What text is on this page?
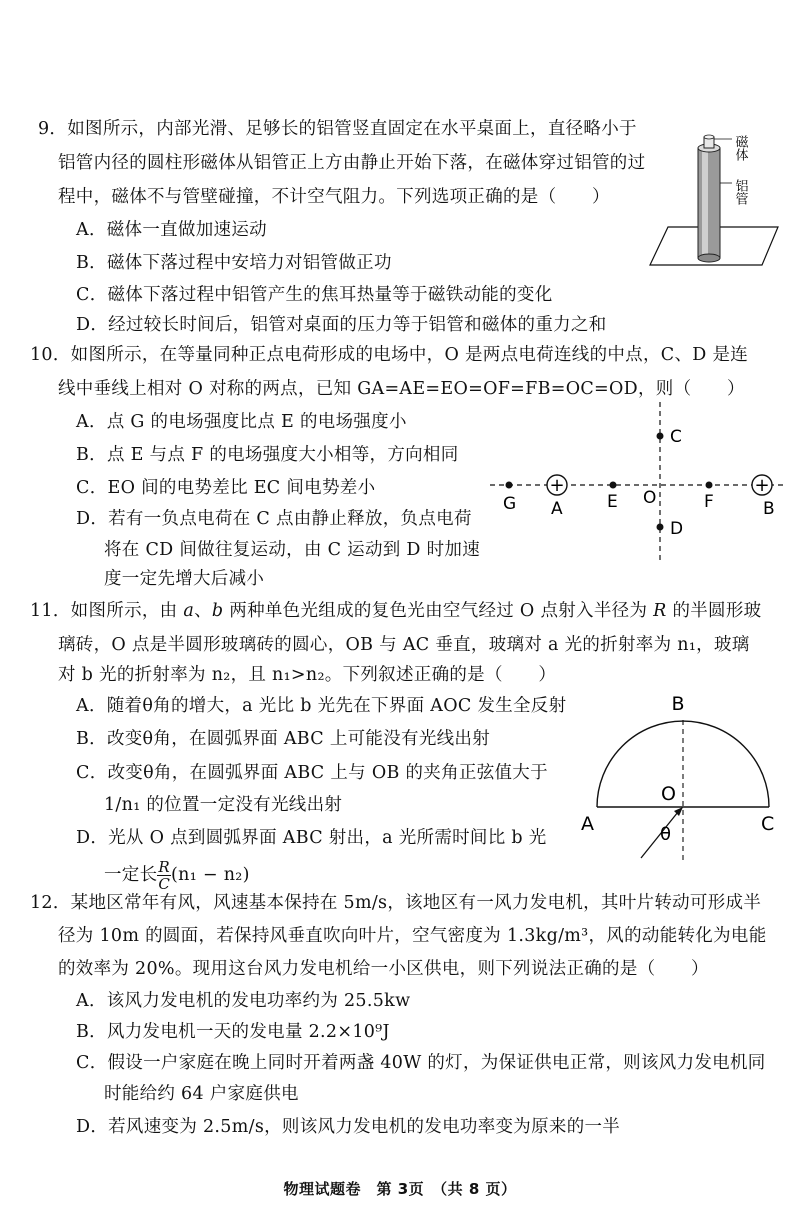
9．如图所示，内部光滑、足够长的铝管竖直固定在水平桌面上，直径略小于
铝管内径的圆柱形磁体从铝管正上方由静止开始下落，在磁体穿过铝管的过
程中，磁体不与管壁碰撞，不计空气阻力。下列选项正确的是（　　）
A．磁体一直做加速运动
B．磁体下落过程中安培力对铝管做正功
C．磁体下落过程中铝管产生的焦耳热量等于磁铁动能的变化
D．经过较长时间后，铝管对桌面的压力等于铝管和磁体的重力之和
磁体
铝管
10．如图所示，在等量同种正点电荷形成的电场中，O 是两点电荷连线的中点，C、D 是连
线中垂线上相对 O 对称的两点，已知 GA=AE=EO=OF=FB=OC=OD，则（　　）
A．点 G 的电场强度比点 E 的电场强度小
B．点 E 与点 F 的电场强度大小相等，方向相同
C．EO 间的电势差比 EC 间电势差小
D．若有一负点电荷在 C 点由静止释放，负点电荷
将在 CD 间做往复运动，由 C 运动到 D 时加速
度一定先增大后减小
+	+
G A	E O	F	B
C
D
11．如图所示，由 a、b 两种单色光组成的复色光由空气经过 O 点射入半径为 R 的半圆形玻
璃砖，O 点是半圆形玻璃砖的圆心，OB 与 AC 垂直，玻璃对 a 光的折射率为 n₁，玻璃
对 b 光的折射率为 n₂，且 n₁>n₂。下列叙述正确的是（　　）
A．随着θ角的增大，a 光比 b 光先在下界面 AOC 发生全反射
B．改变θ角，在圆弧界面 ABC 上可能没有光线出射
C．改变θ角，在圆弧界面 ABC 上与 OB 的夹角正弦值大于
1/n₁ 的位置一定没有光线出射
D．光从 O 点到圆弧界面 ABC 射出，a 光所需时间比 b 光
一定长 $\frac{R}{C} (n_1 - n_2)$
B
O
A	C
θ
12．某地区常年有风，风速基本保持在 5m/s，该地区有一风力发电机，其叶片转动可形成半
径为 10m 的圆面，若保持风垂直吹向叶片，空气密度为 1.3kg/m³，风的动能转化为电能
的效率为 20%。现用这台风力发电机给一小区供电，则下列说法正确的是（　　）
A．该风力发电机的发电功率约为 25.5kw
B．风力发电机一天的发电量 2.2×10⁹J
C．假设一户家庭在晚上同时开着两盏 40W 的灯，为保证供电正常，则该风力发电机同
时能给约 64 户家庭供电
D．若风速变为 2.5m/s，则该风力发电机的发电功率变为原来的一半
物理试题卷　第 3页　（共 8 页）
